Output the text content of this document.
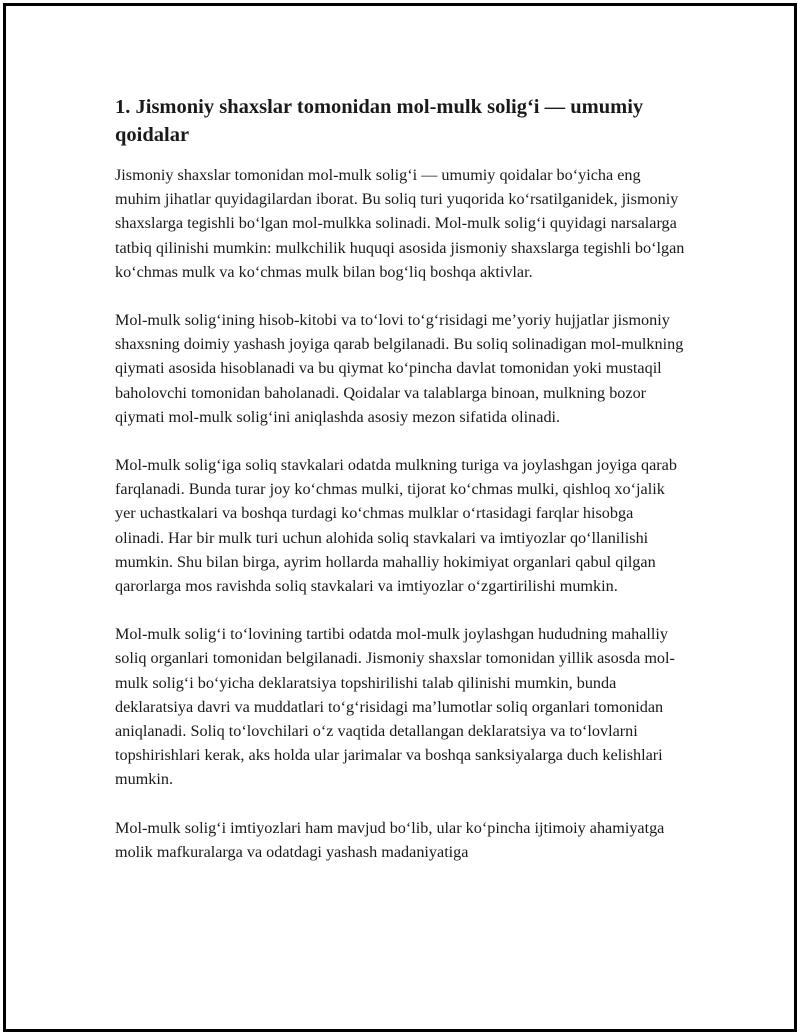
1. Jismoniy shaxslar tomonidan mol-mulk solig‘i — umumiy qoidalar

Jismoniy shaxslar tomonidan mol-mulk solig‘i — umumiy qoidalar bo‘yicha eng muhim jihatlar quyidagilardan iborat. Bu soliq turi yuqorida ko‘rsatilganidek, jismoniy shaxslarga tegishli bo‘lgan mol-mulkka solinadi. Mol-mulk solig‘i quyidagi narsalarga tatbiq qilinishi mumkin: mulkchilik huquqi asosida jismoniy shaxslarga tegishli bo‘lgan ko‘chmas mulk va ko‘chmas mulk bilan bog‘liq boshqa aktivlar.

Mol-mulk solig‘ining hisob-kitobi va to‘lovi to‘g‘risidagi me’yoriy hujjatlar jismoniy shaxsning doimiy yashash joyiga qarab belgilanadi. Bu soliq solinadigan mol-mulkning qiymati asosida hisoblanadi va bu qiymat ko‘pincha davlat tomonidan yoki mustaqil baholovchi tomonidan baholanadi. Qoidalar va talablarga binoan, mulkning bozor qiymati mol-mulk solig‘ini aniqlashda asosiy mezon sifatida olinadi.

Mol-mulk solig‘iga soliq stavkalari odatda mulkning turiga va joylashgan joyiga qarab farqlanadi. Bunda turar joy ko‘chmas mulki, tijorat ko‘chmas mulki, qishloq xo‘jalik yer uchastkalari va boshqa turdagi ko‘chmas mulklar o‘rtasidagi farqlar hisobga olinadi. Har bir mulk turi uchun alohida soliq stavkalari va imtiyozlar qo‘llanilishi mumkin. Shu bilan birga, ayrim hollarda mahalliy hokimiyat organlari qabul qilgan qarorlarga mos ravishda soliq stavkalari va imtiyozlar o‘zgartirilishi mumkin.

Mol-mulk solig‘i to‘lovining tartibi odatda mol-mulk joylashgan hududning mahalliy soliq organlari tomonidan belgilanadi. Jismoniy shaxslar tomonidan yillik asosda mol-mulk solig‘i bo‘yicha deklaratsiya topshirilishi talab qilinishi mumkin, bunda deklaratsiya davri va muddatlari to‘g‘risidagi ma’lumotlar soliq organlari tomonidan aniqlanadi. Soliq to‘lovchilari o‘z vaqtida detallangan deklaratsiya va to‘lovlarni topshirishlari kerak, aks holda ular jarimalar va boshqa sanksiyalarga duch kelishlari mumkin.

Mol-mulk solig‘i imtiyozlari ham mavjud bo‘lib, ular ko‘pincha ijtimoiy ahamiyatga molik mafkuralarga va odatdagi yashash madaniyatiga
